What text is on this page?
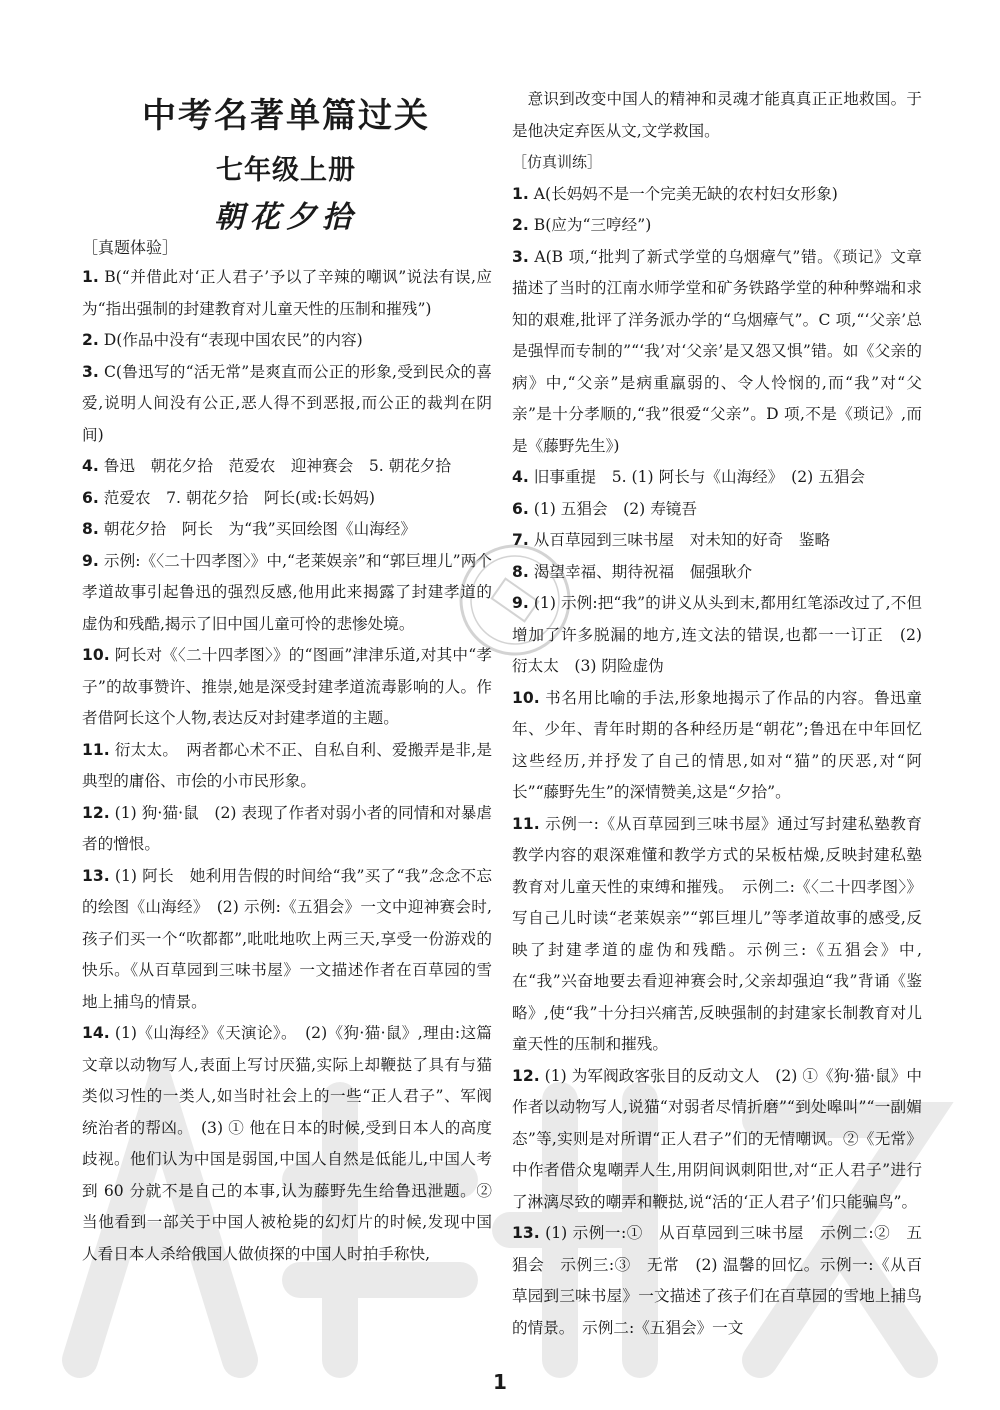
中考名著单篇过关
七年级上册
朝花夕拾
［真题体验］
1. B(“并借此对‘正人君子’予以了辛辣的嘲讽”说法有误,应为“指出强制的封建教育对儿童天性的压制和摧残”)
2. D(作品中没有“表现中国农民”的内容)
3. C(鲁迅写的“活无常”是爽直而公正的形象,受到民众的喜爱,说明人间没有公正,恶人得不到恶报,而公正的裁判在阴间)
4. 鲁迅　朝花夕拾　范爱农　迎神赛会　5. 朝花夕拾
6. 范爱农　7. 朝花夕拾　阿长(或:长妈妈)
8. 朝花夕拾　阿长　为“我”买回绘图《山海经》
9. 示例:《〈二十四孝图〉》中,“老莱娱亲”和“郭巨埋儿”两个孝道故事引起鲁迅的强烈反感,他用此来揭露了封建孝道的虚伪和残酷,揭示了旧中国儿童可怜的悲惨处境。
10. 阿长对《〈二十四孝图〉》的“图画”津津乐道,对其中“孝子”的故事赞许、推崇,她是深受封建孝道流毒影响的人。作者借阿长这个人物,表达反对封建孝道的主题。
11. 衍太太。　两者都心术不正、自私自利、爱搬弄是非,是典型的庸俗、市侩的小市民形象。
12. (1) 狗·猫·鼠　(2) 表现了作者对弱小者的同情和对暴虐者的憎恨。
13. (1) 阿长　她利用告假的时间给“我”买了“我”念念不忘的绘图《山海经》　(2) 示例:《五猖会》一文中迎神赛会时,孩子们买一个“吹都都”,吡吡地吹上两三天,享受一份游戏的快乐。《从百草园到三味书屋》一文描述作者在百草园的雪地上捕鸟的情景。
14. (1)《山海经》《天演论》。　(2)《狗·猫·鼠》,理由:这篇文章以动物写人,表面上写讨厌猫,实际上却鞭挞了具有与猫类似习性的一类人,如当时社会上的一些“正人君子”、军阀统治者的帮凶。　(3) ① 他在日本的时候,受到日本人的高度歧视。他们认为中国是弱国,中国人自然是低能儿,中国人考到 60 分就不是自己的本事,认为藤野先生给鲁迅泄题。② 当他看到一部关于中国人被枪毙的幻灯片的时候,发现中国人看日本人杀给俄国人做侦探的中国人时拍手称快,
意识到改变中国人的精神和灵魂才能真真正正地救国。于是他决定弃医从文,文学救国。
［仿真训练］
1. A(长妈妈不是一个完美无缺的农村妇女形象)
2. B(应为“三哼经”)
3. A(B 项,“批判了新式学堂的乌烟瘴气”错。《琐记》文章描述了当时的江南水师学堂和矿务铁路学堂的种种弊端和求知的艰难,批评了洋务派办学的“乌烟瘴气”。C 项,“‘父亲’总是强悍而专制的”“‘我’对‘父亲’是又怨又惧”错。如《父亲的病》中,“父亲”是病重羸弱的、令人怜悯的,而“我”对“父亲”是十分孝顺的,“我”很爱“父亲”。D 项,不是《琐记》,而是《藤野先生》)
4. 旧事重提　5. (1) 阿长与《山海经》　(2) 五猖会
6. (1) 五猖会　(2) 寿镜吾
7. 从百草园到三味书屋　对未知的好奇　鉴略
8. 渴望幸福、期待祝福　倔强耿介
9. (1) 示例:把“我”的讲义从头到末,都用红笔添改过了,不但增加了许多脱漏的地方,连文法的错误,也都一一订正　(2) 衍太太　(3) 阴险虚伪
10. 书名用比喻的手法,形象地揭示了作品的内容。鲁迅童年、少年、青年时期的各种经历是“朝花”;鲁迅在中年回忆这些经历,并抒发了自己的情思,如对“猫”的厌恶,对“阿长”“藤野先生”的深情赞美,这是“夕拾”。
11. 示例一:《从百草园到三味书屋》通过写封建私塾教育教学内容的艰深难懂和教学方式的呆板枯燥,反映封建私塾教育对儿童天性的束缚和摧残。　示例二:《〈二十四孝图〉》写自己儿时读“老莱娱亲”“郭巨埋儿”等孝道故事的感受,反映了封建孝道的虚伪和残酷。示例三:《五猖会》中,在“我”兴奋地要去看迎神赛会时,父亲却强迫“我”背诵《鉴略》,使“我”十分扫兴痛苦,反映强制的封建家长制教育对儿童天性的压制和摧残。
12. (1) 为军阀政客张目的反动文人　(2) ①《狗·猫·鼠》中作者以动物写人,说猫“对弱者尽情折磨”“到处嗥叫”“一副媚态”等,实则是对所谓“正人君子”们的无情嘲讽。②《无常》中作者借众鬼嘲弄人生,用阴间讽刺阳世,对“正人君子”进行了淋漓尽致的嘲弄和鞭挞,说“活的‘正人君子’们只能骗鸟”。
13. (1) 示例一:①　从百草园到三味书屋　示例二:②　五猖会　示例三:③　无常　(2) 温馨的回忆。示例一:《从百草园到三味书屋》一文描述了孩子们在百草园的雪地上捕鸟的情景。　示例二:《五猖会》一文
1
